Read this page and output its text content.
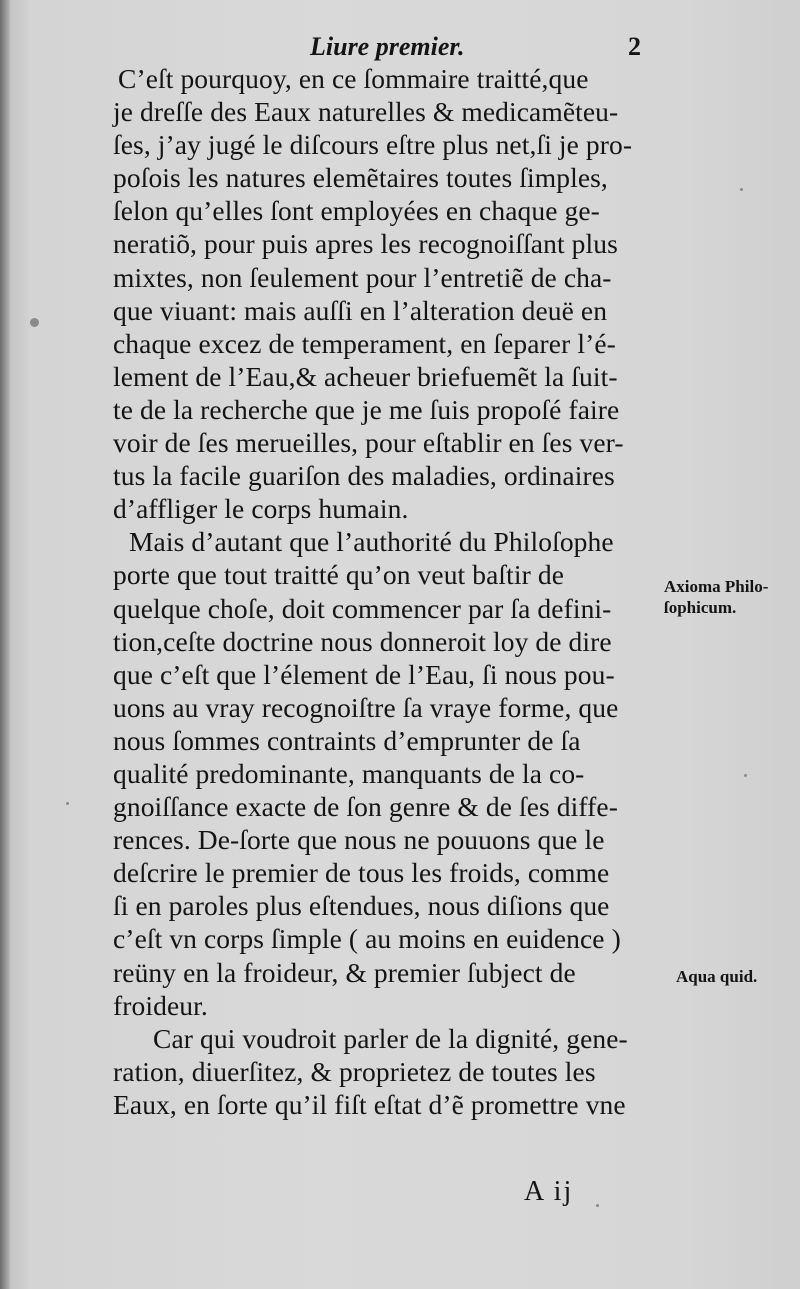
Liure premier.	2
C’eſt pourquoy, en ce ſommaire traitté,que
je dreſſe des Eaux naturelles & medicamẽteu-
ſes, j’ay jugé le diſcours eſtre plus net,ſi je pro-
poſois les natures elemẽtaires toutes ſimples,
ſelon qu’elles ſont employées en chaque ge-
neratiõ, pour puis apres les recognoiſſant plus
mixtes, non ſeulement pour l’entretiẽ de cha-
que viuant: mais auſſi en l’alteration deuë en
chaque excez de temperament, en ſeparer l’é-
lement de l’Eau,& acheuer briefuemẽt la ſuit-
te de la recherche que je me ſuis propoſé faire
voir de ſes merueilles, pour eſtablir en ſes ver-
tus la facile guariſon des maladies, ordinaires
d’affliger le corps humain.
Mais d’autant que l’authorité du Philoſophe
porte que tout traitté qu’on veut baſtir de
quelque choſe, doit commencer par ſa defini-
tion,ceſte doctrine nous donneroit loy de dire
que c’eſt que l’élement de l’Eau, ſi nous pou-
uons au vray recognoiſtre ſa vraye forme, que
nous ſommes contraints d’emprunter de ſa
qualité predominante, manquants de la co-
gnoiſſance exacte de ſon genre & de ſes diffe-
rences. De-ſorte que nous ne pouuons que le
deſcrire le premier de tous les froids, comme
ſi en paroles plus eſtendues, nous diſions que
c’eſt vn corps ſimple ( au moins en euidence )
reüny en la froideur, & premier ſubject de
froideur.
Car qui voudroit parler de la dignité, gene-
ration, diuerſitez, & proprietez de toutes les
Eaux, en ſorte qu’il fiſt eſtat d’ẽ promettre vne
Axioma Philo-
ſophicum.
Aqua quid.
A ij
